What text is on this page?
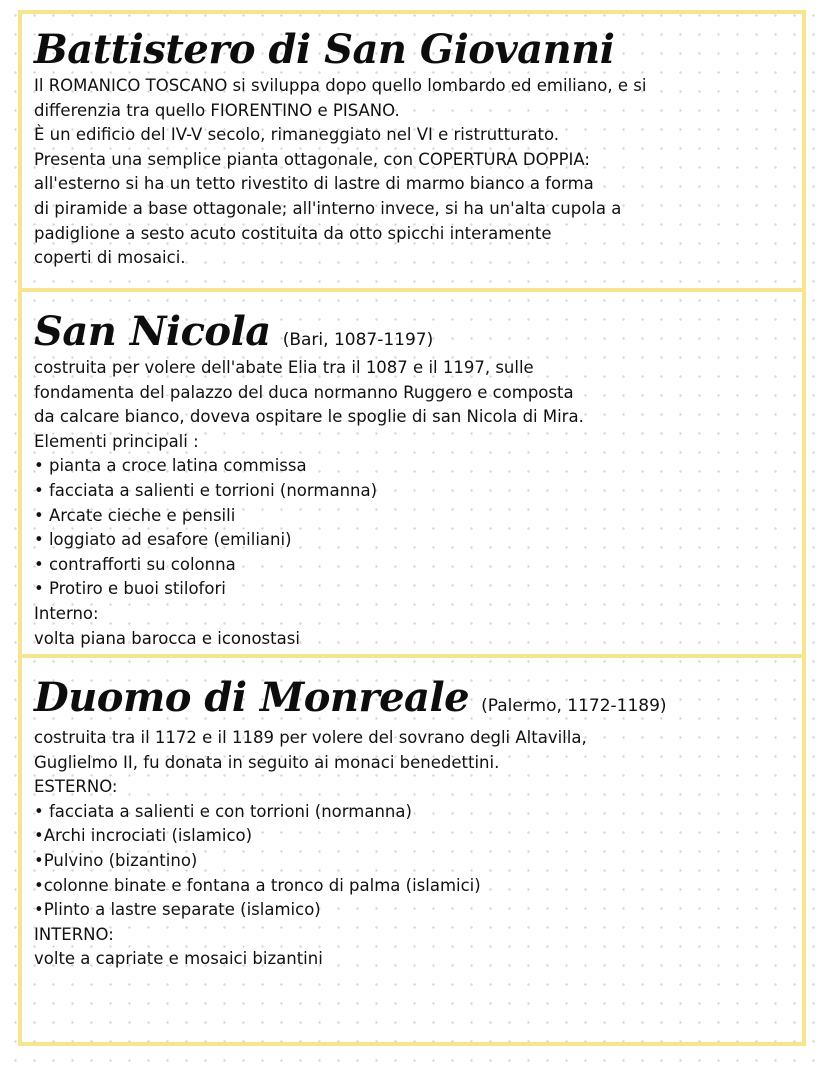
Battistero di San Giovanni
Il ROMANICO TOSCANO si sviluppa dopo quello lombardo ed emiliano, e si
differenzia tra quello FIORENTINO e PISANO.
È un edificio del IV-V secolo, rimaneggiato nel VI e ristrutturato.
Presenta una semplice pianta ottagonale, con COPERTURA DOPPIA:
all'esterno si ha un tetto rivestito di lastre di marmo bianco a forma
di piramide a base ottagonale; all'interno invece, si ha un'alta cupola a
padiglione a sesto acuto costituita da otto spicchi interamente
coperti di mosaici.
San Nicola (Bari, 1087-1197)
costruita per volere dell'abate Elia tra il 1087 e il 1197, sulle
fondamenta del palazzo del duca normanno Ruggero e composta
da calcare bianco, doveva ospitare le spoglie di san Nicola di Mira.
Elementi principali :
• pianta a croce latina commissa
• facciata a salienti e torrioni (normanna)
• Arcate cieche e pensili
• loggiato ad esafore (emiliani)
• contrafforti su colonna
• Protiro e buoi stilofori
Interno:
volta piana barocca e iconostasi
Duomo di Monreale (Palermo, 1172-1189)
costruita tra il 1172 e il 1189 per volere del sovrano degli Altavilla,
Guglielmo II, fu donata in seguito ai monaci benedettini.
ESTERNO:
• facciata a salienti e con torrioni (normanna)
•Archi incrociati (islamico)
•Pulvino (bizantino)
•colonne binate e fontana a tronco di palma (islamici)
•Plinto a lastre separate (islamico)
INTERNO:
volte a capriate e mosaici bizantini
